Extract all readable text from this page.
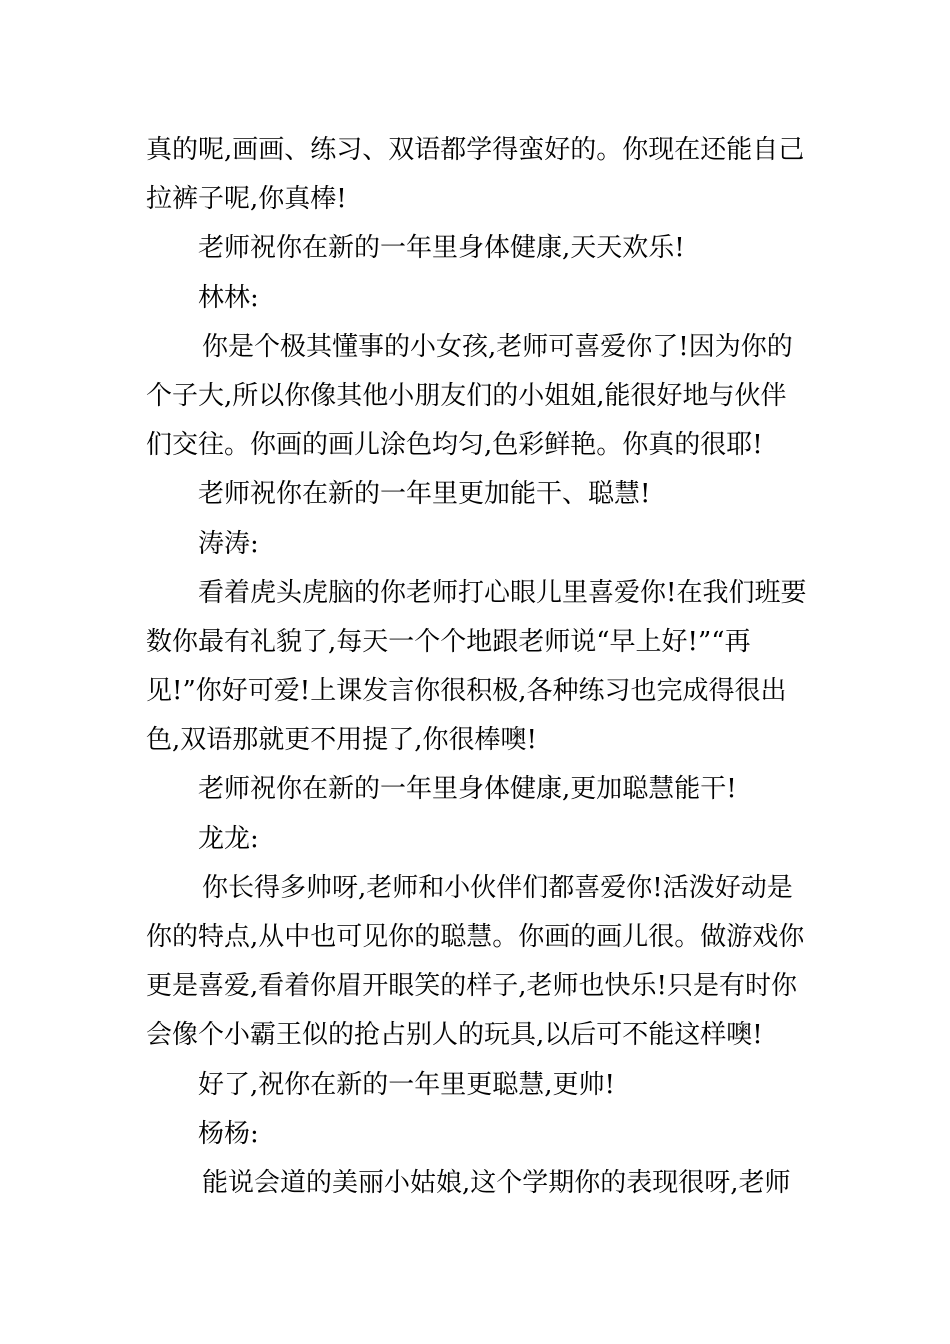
真的呢,画画、练习、双语都学得蛮好的。你现在还能自己
拉裤子呢,你真棒!
老师祝你在新的一年里身体健康,天天欢乐!
林林:
你是个极其懂事的小女孩,老师可喜爱你了!因为你的
个子大,所以你像其他小朋友们的小姐姐,能很好地与伙伴
们交往。你画的画儿涂色均匀,色彩鲜艳。你真的很耶!
老师祝你在新的一年里更加能干、聪慧!
涛涛:
看着虎头虎脑的你老师打心眼儿里喜爱你!在我们班要
数你最有礼貌了,每天一个个地跟老师说“早上好!”“再
见!”你好可爱!上课发言你很积极,各种练习也完成得很出
色,双语那就更不用提了,你很棒噢!
老师祝你在新的一年里身体健康,更加聪慧能干!
龙龙:
你长得多帅呀,老师和小伙伴们都喜爱你!活泼好动是
你的特点,从中也可见你的聪慧。你画的画儿很。做游戏你
更是喜爱,看着你眉开眼笑的样子,老师也快乐!只是有时你
会像个小霸王似的抢占别人的玩具,以后可不能这样噢!
好了,祝你在新的一年里更聪慧,更帅!
杨杨:
能说会道的美丽小姑娘,这个学期你的表现很呀,老师
